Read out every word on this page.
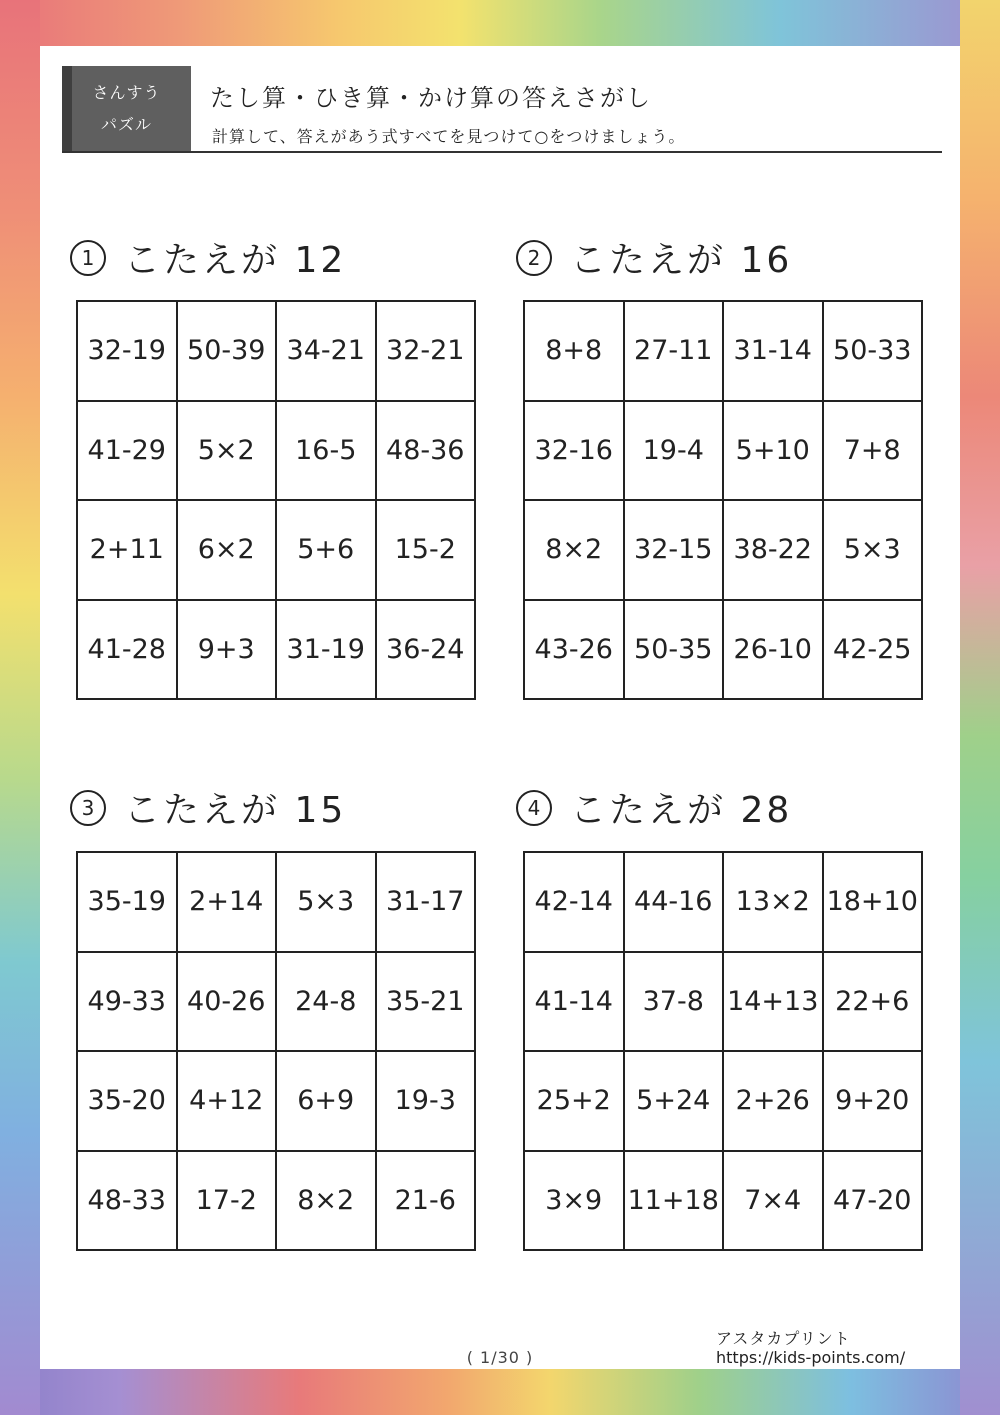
さんすう
パズル
たし算・ひき算・かけ算の答えさがし
計算して、答えがあう式すべてを見つけて○をつけましょう。
1 こたえが 12
32-19 50-39 34-21 32-21
41-29	5×2	16-5	48-36
2+11	6×2	5+6	15-2
41-28	9+3	31-19 36-24
2 こたえが 16
8+8	27-11 31-14 50-33
32-16	19-4	5+10	7+8
8×2	32-15 38-22	5×3
43-26 50-35 26-10 42-25
3 こたえが 15
35-19 2+14	5×3	31-17
49-33 40-26	24-8	35-21
35-20 4+12	6+9	19-3
48-33	17-2	8×2	21-6
4 こたえが 28
42-14 44-16 13×2 18+10
41-14	37-8 14+13 22+6
25+2 5+24 2+26 9+20
3×9 11+18 7×4	47-20
( 1/30 )
アスタカプリント
https://kids-points.com/
